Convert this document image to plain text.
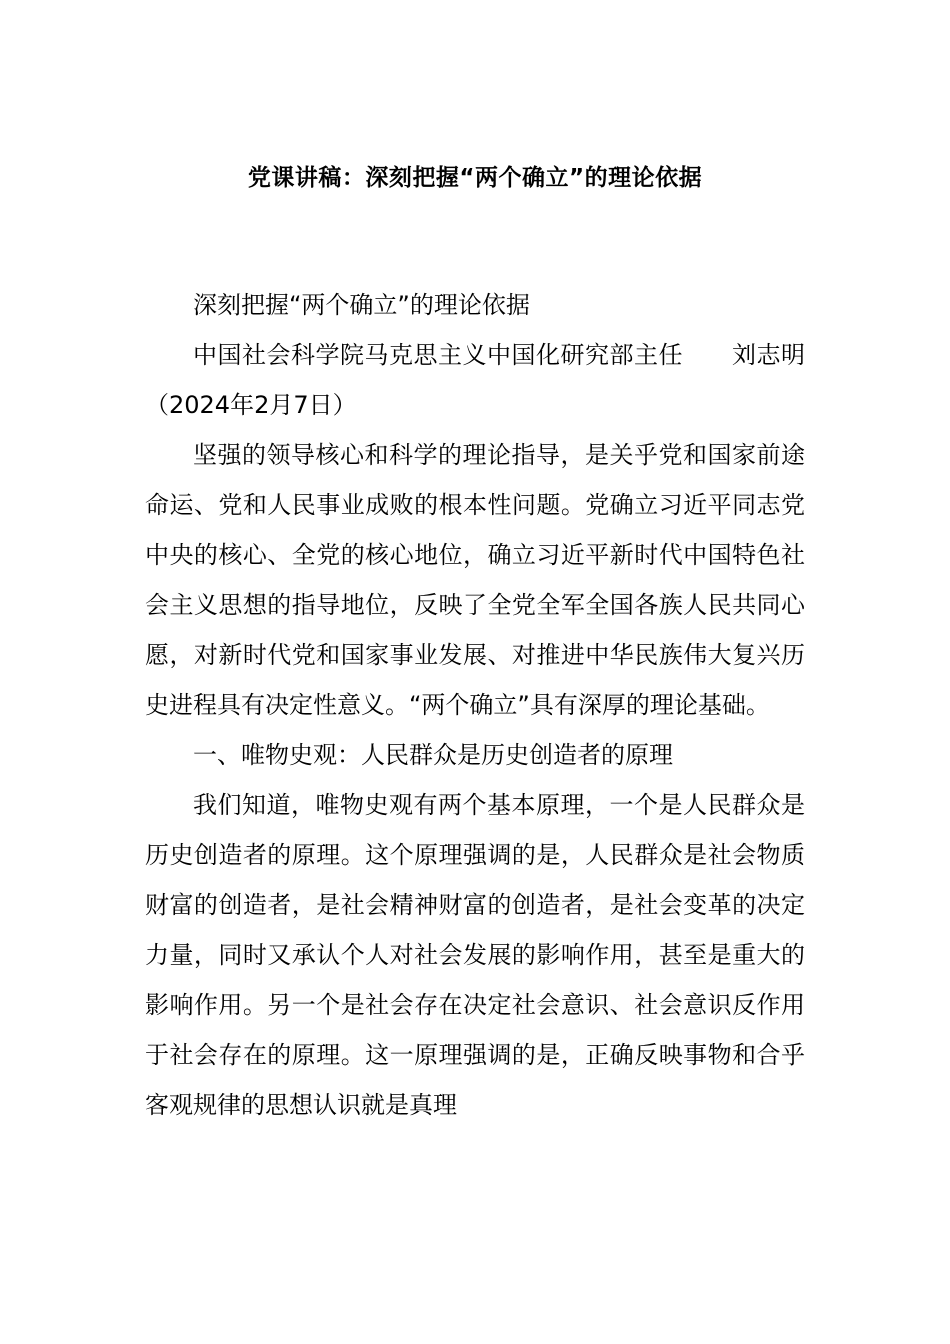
党课讲稿：深刻把握“两个确立”的理论依据

深刻把握“两个确立”的理论依据

中国社会科学院马克思主义中国化研究部主任　　刘志明（2024年2月7日）

坚强的领导核心和科学的理论指导，是关乎党和国家前途命运、党和人民事业成败的根本性问题。党确立习近平同志党中央的核心、全党的核心地位，确立习近平新时代中国特色社会主义思想的指导地位，反映了全党全军全国各族人民共同心愿，对新时代党和国家事业发展、对推进中华民族伟大复兴历史进程具有决定性意义。“两个确立”具有深厚的理论基础。

一、唯物史观：人民群众是历史创造者的原理

我们知道，唯物史观有两个基本原理，一个是人民群众是历史创造者的原理。这个原理强调的是，人民群众是社会物质财富的创造者，是社会精神财富的创造者，是社会变革的决定力量，同时又承认个人对社会发展的影响作用，甚至是重大的影响作用。另一个是社会存在决定社会意识、社会意识反作用于社会存在的原理。这一原理强调的是，正确反映事物和合乎客观规律的思想认识就是真理
